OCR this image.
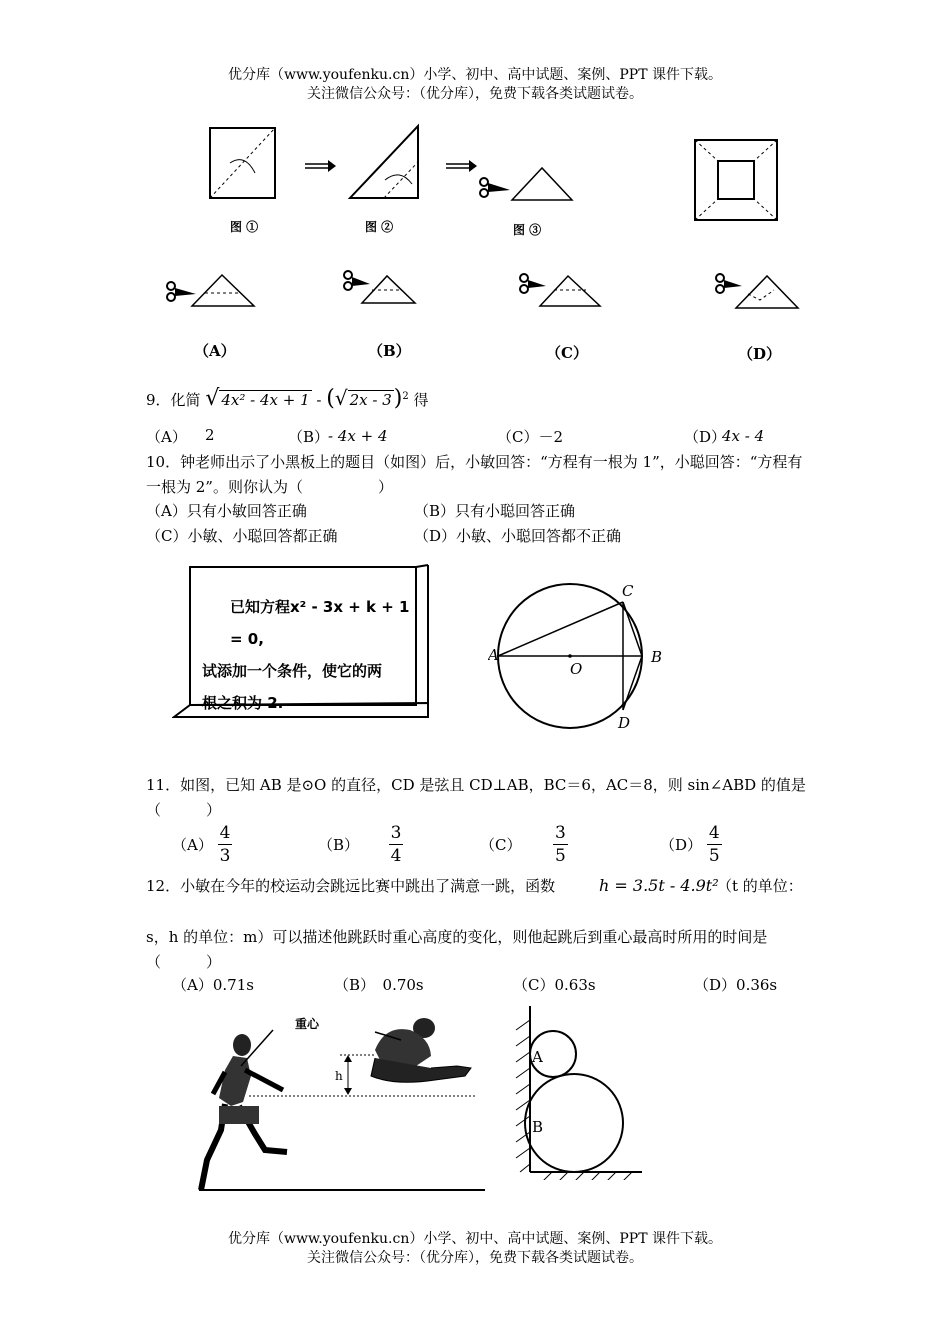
优分库（www.youfenku.cn）小学、初中、高中试题、案例、PPT 课件下载。
关注微信公众号：（优分库），免费下载各类试题试卷。
图 ①	图 ②	图 ③
（A）	（B）	（C）	（D）
9．化简 √ 4x² - 4x + 1 - (√ 2x - 3)$^2$ 得
（A） 2	（B）
- 4x + 4	（C）－2	（D）
4x - 4
10．钟老师出示了小黑板上的题目（如图）后，小敏回答：“方程有一根为 1”，小聪回答：“方程有一根为 2”。则你认为（　　　　　）
（A）只有小敏回答正确	（B）只有小聪回答正确
（C）小敏、小聪回答都正确	（D）小敏、小聪回答都不正确
已知方程x² - 3x + k + 1 = 0,
试添加一个条件，使它的两
根之积为 2.
A
O
B
C
D
11．如图，已知 AB 是⊙O 的直径，CD 是弦且 CD⊥AB，BC＝6，AC＝8，则 sin∠ABD 的值是（　　　）
$(A) \frac{4}{3}$	$(B) \frac{3}{4}$	$(C) \frac{3}{5}$	$(D) \frac{4}{5}$
12．小敏在今年的校运动会跳远比赛中跳出了满意一跳，函数	h = 3.5t - 4.9t²
（t 的单位：
s，h 的单位：m）可以描述他跳跃时重心高度的变化，则他起跳后到重心最高时所用的时间是（　　　）
（A）0.71s	（B）　0.70s	（C）0.63s	（D）0.36s
重心
h
A
B
优分库（www.youfenku.cn）小学、初中、高中试题、案例、PPT 课件下载。
关注微信公众号：（优分库），免费下载各类试题试卷。
